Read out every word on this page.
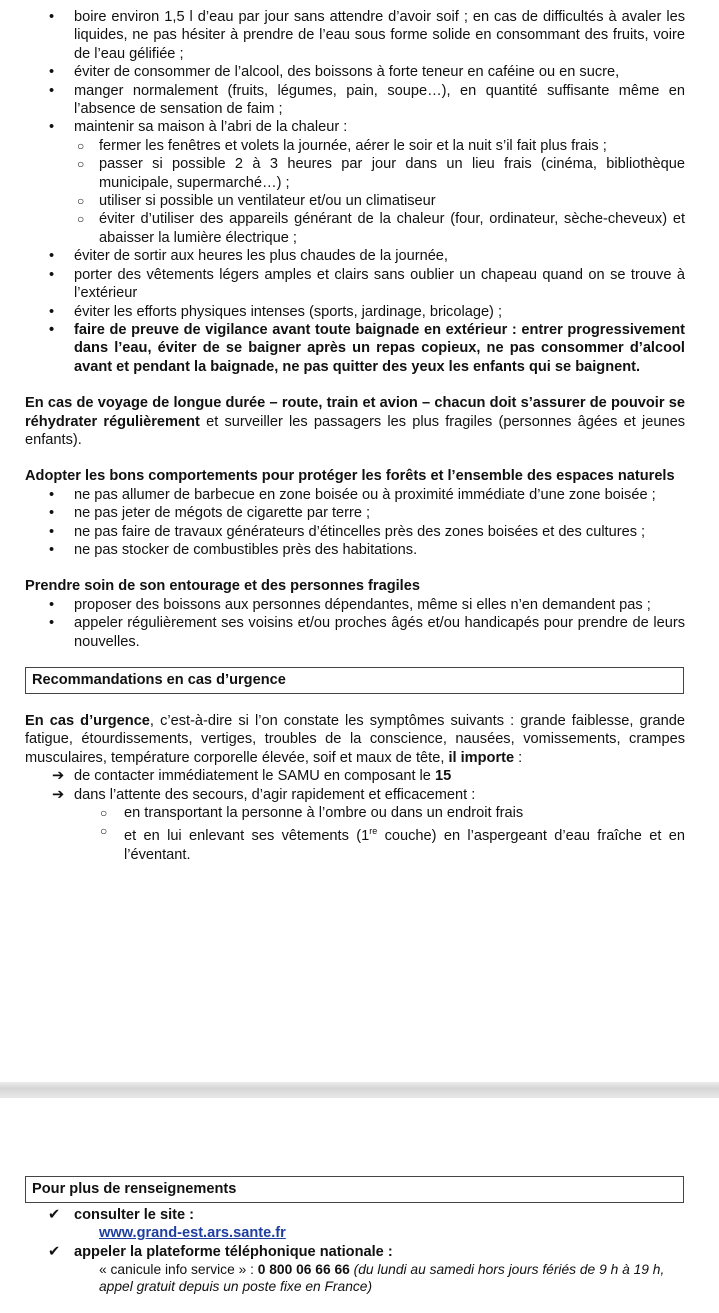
• boire environ 1,5 l d’eau par jour sans attendre d’avoir soif ; en cas de difficultés à avaler les liquides, ne pas hésiter à prendre de l’eau sous forme solide en consommant des fruits, voire de l’eau gélifiée ;
• éviter de consommer de l’alcool, des boissons à forte teneur en caféine ou en sucre,
• manger normalement (fruits, légumes, pain, soupe…), en quantité suffisante même en l’absence de sensation de faim ;
• maintenir sa maison à l’abri de la chaleur :
○ fermer les fenêtres et volets la journée, aérer le soir et la nuit s’il fait plus frais ;
○ passer si possible 2 à 3 heures par jour dans un lieu frais (cinéma, bibliothèque municipale, supermarché…) ;
○ utiliser si possible un ventilateur et/ou un climatiseur
○ éviter d’utiliser des appareils générant de la chaleur (four, ordinateur, sèche-cheveux) et abaisser la lumière électrique ;
• éviter de sortir aux heures les plus chaudes de la journée,
• porter des vêtements légers amples et clairs sans oublier un chapeau quand on se trouve à l’extérieur
• éviter les efforts physiques intenses (sports, jardinage, bricolage) ;
• faire de preuve de vigilance avant toute baignade en extérieur : entrer progressivement dans l’eau, éviter de se baigner après un repas copieux, ne pas consommer d’alcool avant et pendant la baignade, ne pas quitter des yeux les enfants qui se baignent.

En cas de voyage de longue durée – route, train et avion – chacun doit s’assurer de pouvoir se réhydrater régulièrement et surveiller les passagers les plus fragiles (personnes âgées et jeunes enfants).

Adopter les bons comportements pour protéger les forêts et l’ensemble des espaces naturels

• ne pas allumer de barbecue en zone boisée ou à proximité immédiate d’une zone boisée ;
• ne pas jeter de mégots de cigarette par terre ;
• ne pas faire de travaux générateurs d’étincelles près des zones boisées et des cultures ;
• ne pas stocker de combustibles près des habitations.

Prendre soin de son entourage et des personnes fragiles

• proposer des boissons aux personnes dépendantes, même si elles n’en demandent pas ;
• appeler régulièrement ses voisins et/ou proches âgés et/ou handicapés pour prendre de leurs nouvelles.
Recommandations en cas d’urgence

En cas d’urgence, c’est-à-dire si l’on constate les symptômes suivants : grande faiblesse, grande fatigue, étourdissements, vertiges, troubles de la conscience, nausées, vomissements, crampes musculaires, température corporelle élevée, soif et maux de tête, il importe :

➔ de contacter immédiatement le SAMU en composant le 15
➔ dans l’attente des secours, d’agir rapidement et efficacement :
○ en transportant la personne à l’ombre ou dans un endroit frais
○ et en lui enlevant ses vêtements (1re couche) en l’aspergeant d’eau fraîche et en l’éventant.
Pour plus de renseignements
✔ consulter le site :
www.grand-est.ars.sante.fr
✔ appeler la plateforme téléphonique nationale :
« canicule info service » : 0 800 06 66 66 (du lundi au samedi hors jours fériés de 9 h à 19 h, appel gratuit depuis un poste fixe en France)
